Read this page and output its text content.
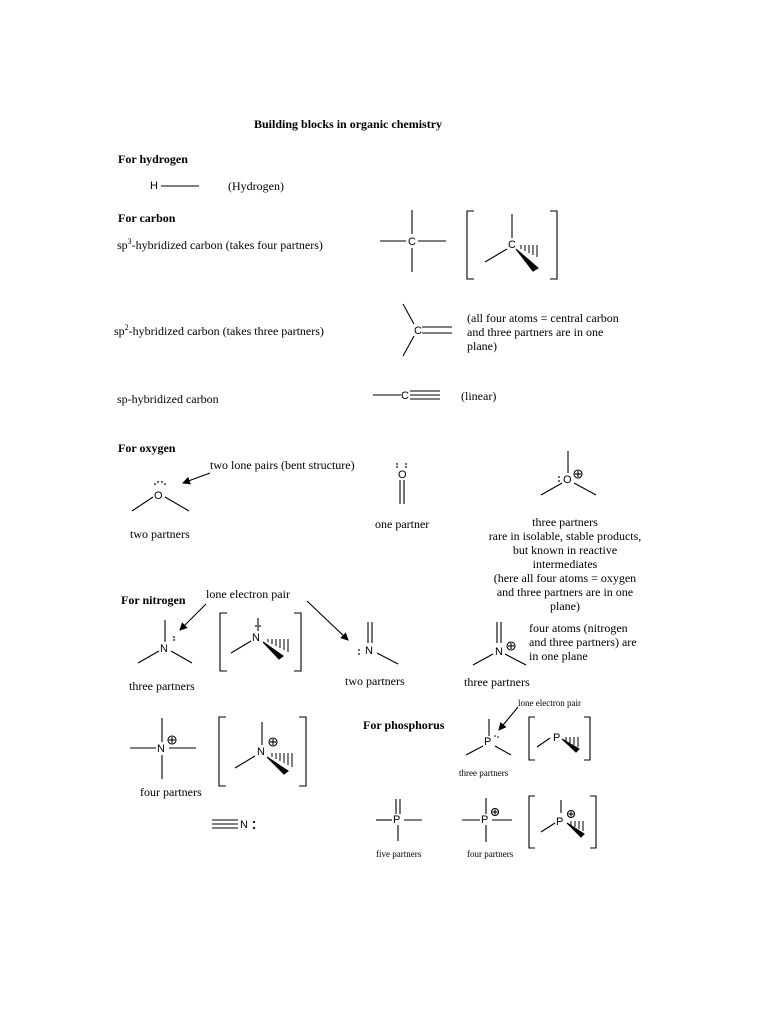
Building blocks in organic chemistry
For hydrogen
H	(Hydrogen)
For carbon
$sp^3$-hybridized carbon (takes four partners)	C	C
$sp^2$-hybridized carbon (takes three partners)	C
(all four atoms = central carbon
and three partners are in one
plane)
sp-hybridized carbon	C	(linear)
For oxygen
two lone pairs (bent structure)
O
two partners
O
one partner
O
three partners
rare in isolable, stable products,
but known in reactive
intermediates
(here all four atoms = oxygen
and three partners are in one
plane)
For nitrogen lone electron pair
N
three partners
N
N
two partners
N
three partners
four atoms (nitrogen
and three partners) are
in one plane
N
four partners
N
N
For phosphorus
lone electron pair
P
three partners
P
P
five partners
P
four partners
P
